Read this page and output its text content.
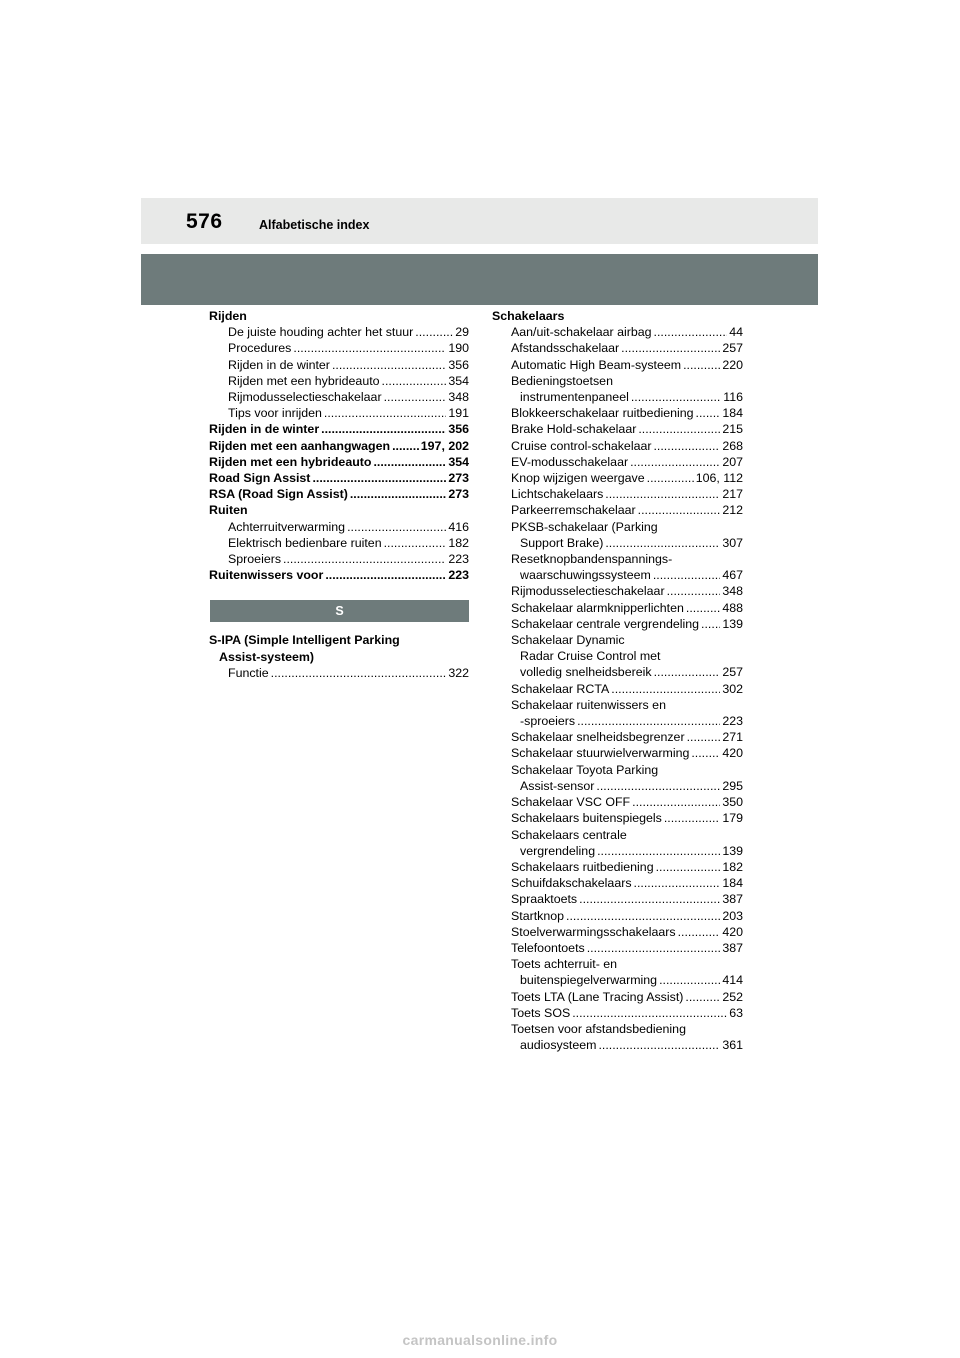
576	Alfabetische index
Rijden
De juiste houding achter het stuur .....	29
Procedures .....	190
Rijden in de winter .....	356
Rijden met een hybrideauto .....	354
Rijmodusselectieschakelaar .....	348
Tips voor inrijden .....	191
Rijden in de winter .....	356
Rijden met een aanhangwagen ..... 197, 202
Rijden met een hybrideauto .....	354
Road Sign Assist .....	273
RSA (Road Sign Assist) .....	273
Ruiten
Achterruitverwarming .....	416
Elektrisch bedienbare ruiten .....	182
Sproeiers .....	223
Ruitenwissers voor .....	223
S
S-IPA (Simple Intelligent Parking
Assist-systeem)
Functie .....	322
Schakelaars
Aan/uit-schakelaar airbag .....	44
Afstandsschakelaar .....	257
Automatic High Beam-systeem .....	220
Bedieningstoetsen
instrumentenpaneel .....	116
Blokkeerschakelaar ruitbediening ..... 184
Brake Hold-schakelaar .....	215
Cruise control-schakelaar .....	268
EV-modusschakelaar .....	207
Knop wijzigen weergave .....	106, 112
Lichtschakelaars .....	217
Parkeerremschakelaar .....	212
PKSB-schakelaar (Parking
Support Brake) .....	307
Resetknopbandenspannings-
waarschuwingssysteem .....	467
Rijmodusselectieschakelaar .....	348
Schakelaar alarmknipperlichten .....	488
Schakelaar centrale vergrendeling ..... 139
Schakelaar Dynamic
Radar Cruise Control met
volledig snelheidsbereik .....	257
Schakelaar RCTA .....	302
Schakelaar ruitenwissers en
-sproeiers .....	223
Schakelaar snelheidsbegrenzer .....	271
Schakelaar stuurwielverwarming .....	420
Schakelaar Toyota Parking
Assist-sensor .....	295
Schakelaar VSC OFF .....	350
Schakelaars buitenspiegels .....	179
Schakelaars centrale
vergrendeling .....	139
Schakelaars ruitbediening .....	182
Schuifdakschakelaars .....	184
Spraaktoets .....	387
Startknop .....	203
Stoelverwarmingsschakelaars .....	420
Telefoontoets .....	387
Toets achterruit- en
buitenspiegelverwarming .....	414
Toets LTA (Lane Tracing Assist) .....	252
Toets SOS .....	63
Toetsen voor afstandsbediening
audiosysteem .....	361
carmanualsonline.info
